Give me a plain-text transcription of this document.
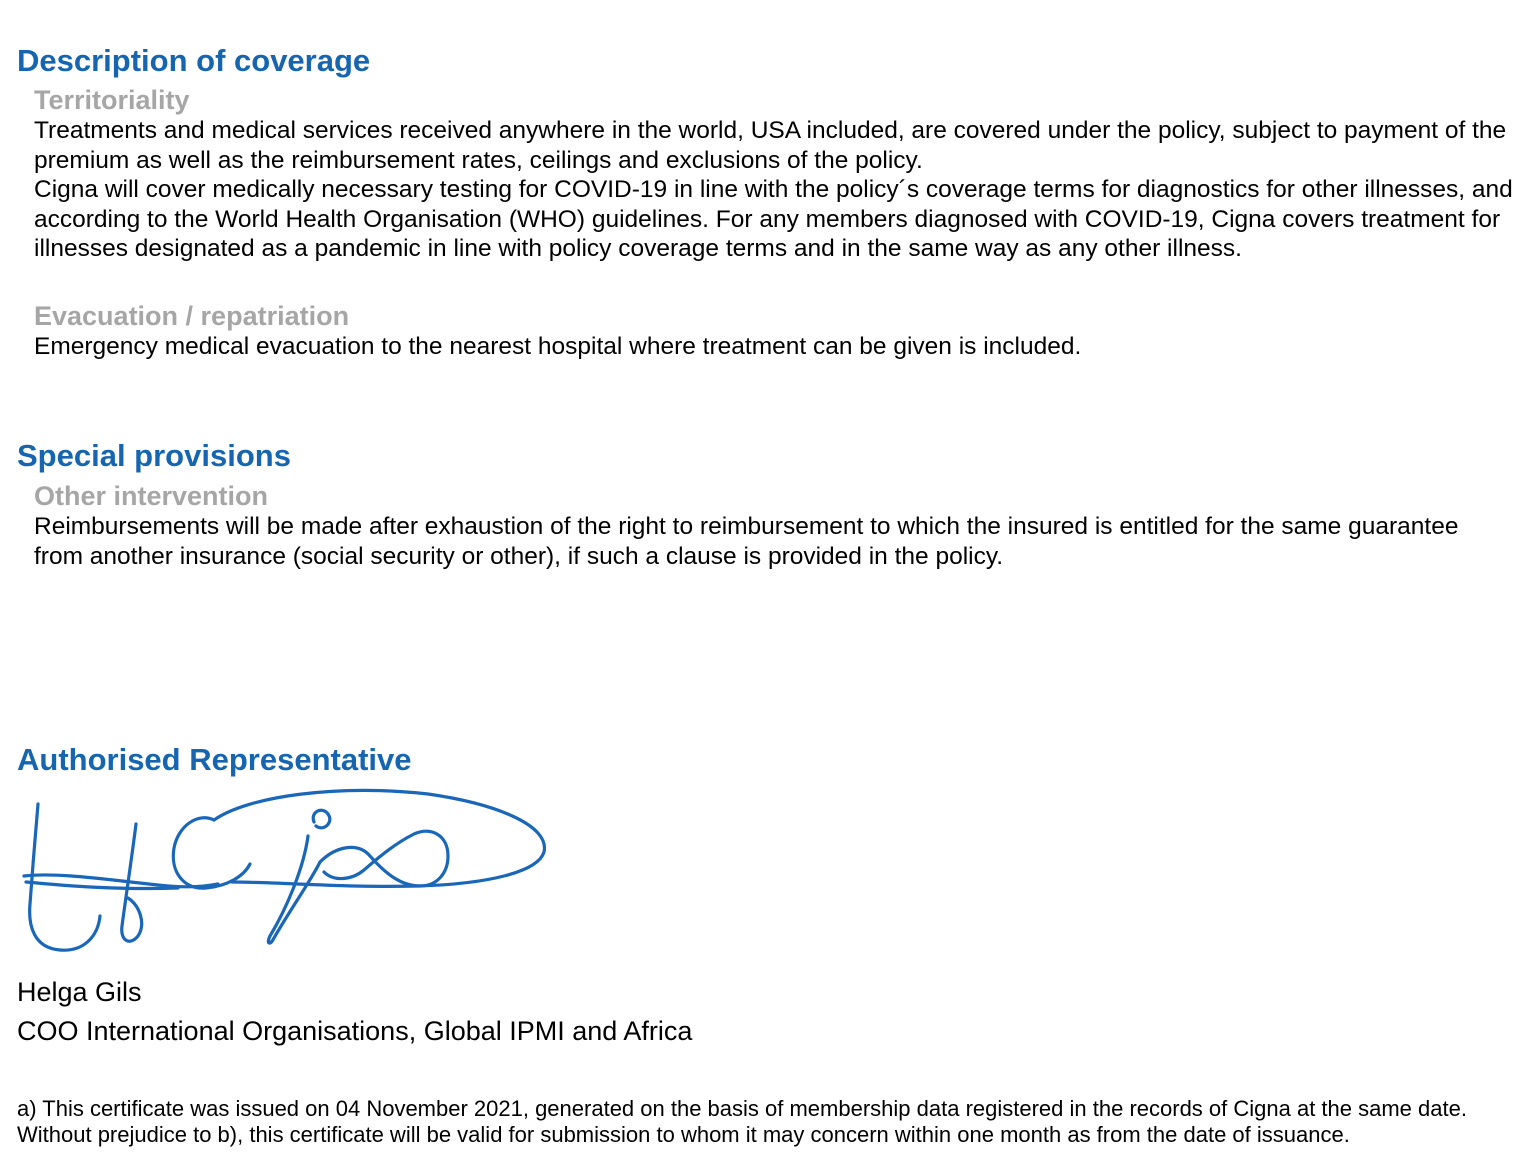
Description of coverage
Territoriality

Treatments and medical services received anywhere in the world, USA included, are covered under the policy, subject to payment of the premium as well as the reimbursement rates, ceilings and exclusions of the policy.

Cigna will cover medically necessary testing for COVID-19 in line with the policy´s coverage terms for diagnostics for other illnesses, and according to the World Health Organisation (WHO) guidelines. For any members diagnosed with COVID-19, Cigna covers treatment for illnesses designated as a pandemic in line with policy coverage terms and in the same way as any other illness.

Evacuation / repatriation

Emergency medical evacuation to the nearest hospital where treatment can be given is included.

Special provisions
Other intervention

Reimbursements will be made after exhaustion of the right to reimbursement to which the insured is entitled for the same guarantee from another insurance (social security or other), if such a clause is provided in the policy.

Authorised Representative
Helga Gils
COO International Organisations, Global IPMI and Africa

a) This certificate was issued on 04 November 2021, generated on the basis of membership data registered in the records of Cigna at the same date. Without prejudice to b), this certificate will be valid for submission to whom it may concern within one month as from the date of issuance.
